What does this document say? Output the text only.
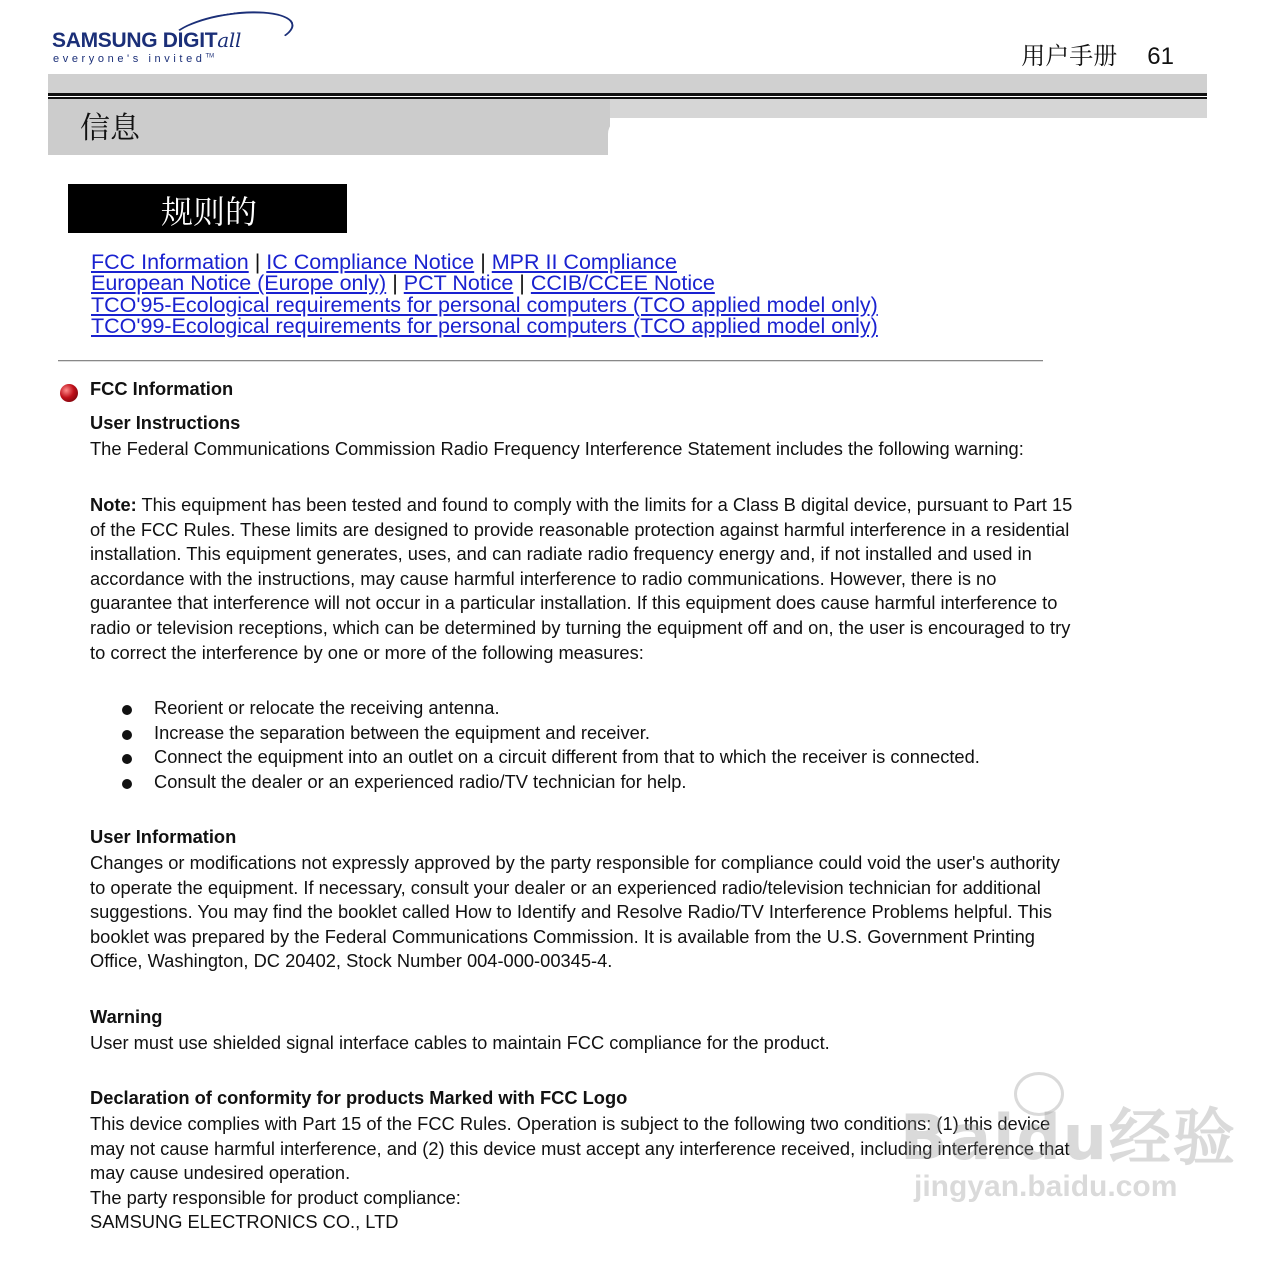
SAMSUNG DIGITall
everyone's invited™	用户手册 61
信息
规则的
FCC Information | IC Compliance Notice | MPR II Compliance
European Notice (Europe only) | PCT Notice | CCIB/CCEE Notice
TCO'95-Ecological requirements for personal computers (TCO applied model only)
TCO'99-Ecological requirements for personal computers (TCO applied model only)
FCC Information
User Instructions
The Federal Communications Commission Radio Frequency Interference Statement includes the following warning:
Note: This equipment has been tested and found to comply with the limits for a Class B digital device, pursuant to Part 15
of the FCC Rules. These limits are designed to provide reasonable protection against harmful interference in a residential
installation. This equipment generates, uses, and can radiate radio frequency energy and, if not installed and used in
accordance with the instructions, may cause harmful interference to radio communications. However, there is no
guarantee that interference will not occur in a particular installation. If this equipment does cause harmful interference to
radio or television receptions, which can be determined by turning the equipment off and on, the user is encouraged to try
to correct the interference by one or more of the following measures:
Reorient or relocate the receiving antenna.
Increase the separation between the equipment and receiver.
Connect the equipment into an outlet on a circuit different from that to which the receiver is connected.
Consult the dealer or an experienced radio/TV technician for help.
User Information
Changes or modifications not expressly approved by the party responsible for compliance could void the user's authority
to operate the equipment. If necessary, consult your dealer or an experienced radio/television technician for additional
suggestions. You may find the booklet called How to Identify and Resolve Radio/TV Interference Problems helpful. This
booklet was prepared by the Federal Communications Commission. It is available from the U.S. Government Printing
Office, Washington, DC 20402, Stock Number 004-000-00345-4.
Warning
User must use shielded signal interface cables to maintain FCC compliance for the product.
Declaration of conformity for products Marked with FCC Logo
This device complies with Part 15 of the FCC Rules. Operation is subject to the following two conditions: (1) this device
may not cause harmful interference, and (2) this device must accept any interference received, including interference that
may cause undesired operation.
The party responsible for product compliance:
SAMSUNG ELECTRONICS CO., LTD
Baidu经验
jingyan.baidu.com
